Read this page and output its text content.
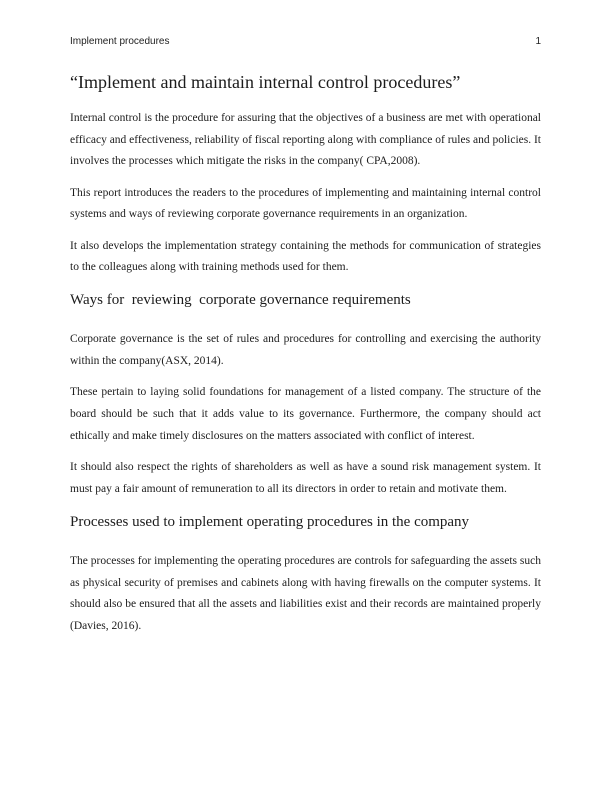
Implement procedures	1
“Implement and maintain internal control procedures”

Internal control is the procedure for assuring that the objectives of a business are met with operational efficacy and effectiveness, reliability of fiscal reporting along with compliance of rules and policies. It involves the processes which mitigate the risks in the company( CPA,2008).

This report introduces the readers to the procedures of implementing and maintaining internal control systems and ways of reviewing corporate governance requirements in an organization.

It also develops the implementation strategy containing the methods for communication of strategies to the colleagues along with training methods used for them.

Ways for  reviewing  corporate governance requirements

Corporate governance is the set of rules and procedures for controlling and exercising the authority within the company(ASX, 2014).

These pertain to laying solid foundations for management of a listed company. The structure of the board should be such that it adds value to its governance. Furthermore, the company should act ethically and make timely disclosures on the matters associated with conflict of interest.

It should also respect the rights of shareholders as well as have a sound risk management system. It must pay a fair amount of remuneration to all its directors in order to retain and motivate them.

Processes used to implement operating procedures in the company

The processes for implementing the operating procedures are controls for safeguarding the assets such as physical security of premises and cabinets along with having firewalls on the computer systems. It should also be ensured that all the assets and liabilities exist and their records are maintained properly (Davies, 2016).
